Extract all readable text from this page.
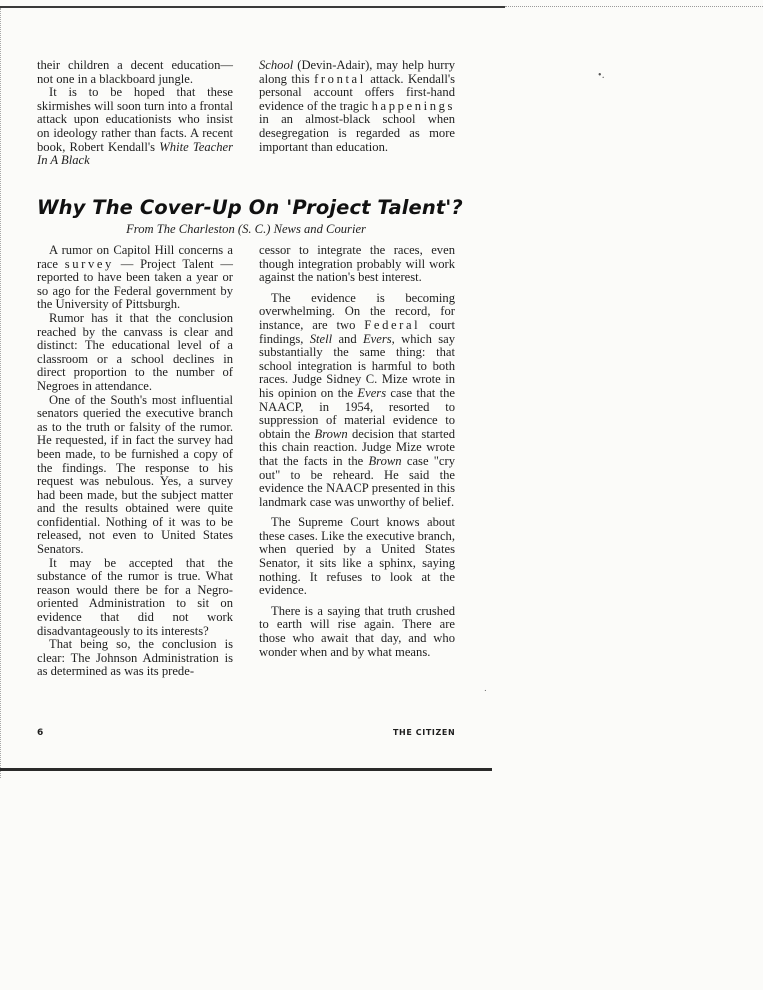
•․
․

their children a decent education— not one in a blackboard jungle.

It is to be hoped that these skirmishes will soon turn into a frontal attack upon educationists who insist on ideology rather than facts. A recent book, Robert Kendall's White Teacher In A Black

School (Devin-Adair), may help hurry along this frontal attack. Kendall's personal account offers first-hand evidence of the tragic happenings in an almost-black school when desegregation is regarded as more important than education.

Why The Cover-Up On 'Project Talent'?
From The Charleston (S. C.) News and Courier

A rumor on Capitol Hill concerns a race survey — Project Talent — reported to have been taken a year or so ago for the Federal government by the University of Pittsburgh.

Rumor has it that the conclusion reached by the canvass is clear and distinct: The educational level of a classroom or a school declines in direct proportion to the number of Negroes in attendance.

One of the South's most influential senators queried the executive branch as to the truth or falsity of the rumor. He requested, if in fact the survey had been made, to be furnished a copy of the findings. The response to his request was nebulous. Yes, a survey had been made, but the subject matter and the results obtained were quite confidential. Nothing of it was to be released, not even to United States Senators.

It may be accepted that the substance of the rumor is true. What reason would there be for a Negro-oriented Administration to sit on evidence that did not work disadvantageously to its interests?

That being so, the conclusion is clear: The Johnson Administration is as determined as was its prede-

cessor to integrate the races, even though integration probably will work against the nation's best interest.

The evidence is becoming overwhelming. On the record, for instance, are two Federal court findings, Stell and Evers, which say substantially the same thing: that school integration is harmful to both races. Judge Sidney C. Mize wrote in his opinion on the Evers case that the NAACP, in 1954, resorted to suppression of material evidence to obtain the Brown decision that started this chain reaction. Judge Mize wrote that the facts in the Brown case "cry out" to be reheard. He said the evidence the NAACP presented in this landmark case was unworthy of belief.

The Supreme Court knows about these cases. Like the executive branch, when queried by a United States Senator, it sits like a sphinx, saying nothing. It refuses to look at the evidence.

There is a saying that truth crushed to earth will rise again. There are those who await that day, and who wonder when and by what means.

6	THE CITIZEN
